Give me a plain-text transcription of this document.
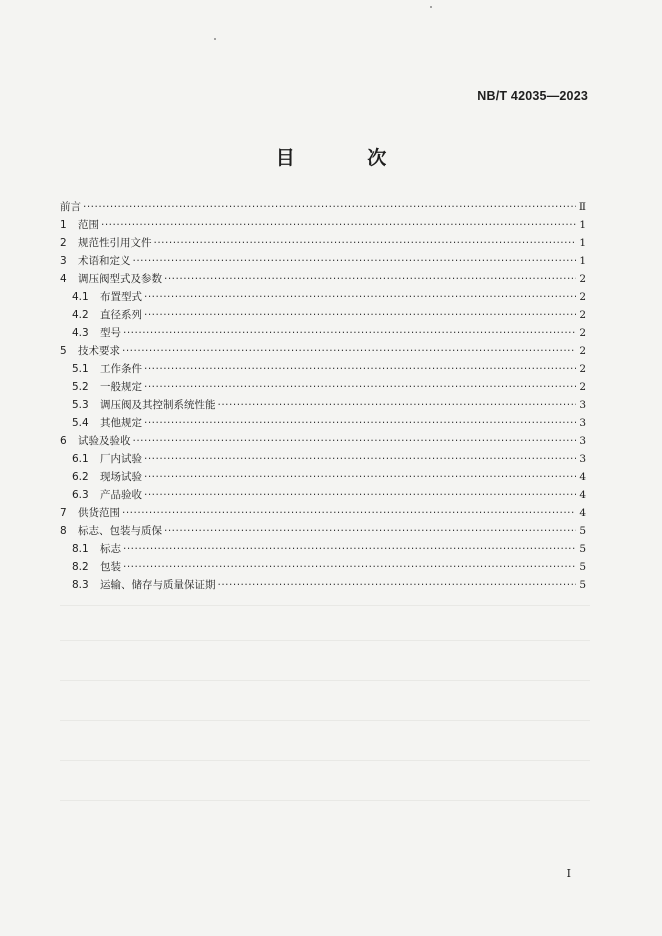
NB/T 42035—2023
目 次
前言 ·····	Ⅱ
1	范围 ·····	1
2	规范性引用文件 ·····	1
3	术语和定义 ·····	1
4	调压阀型式及参数 ·····	2
4.1	布置型式 ·····	2
4.2	直径系列 ·····	2
4.3	型号 ·····	2
5	技术要求 ·····	2
5.1	工作条件 ·····	2
5.2	一般规定 ·····	2
5.3	调压阀及其控制系统性能 ·····	3
5.4	其他规定 ·····	3
6	试验及验收 ·····	3
6.1	厂内试验 ·····	3
6.2	现场试验 ·····	4
6.3	产品验收 ·····	4
7	供货范围 ·····	4
8	标志、包装与质保 ·····	5
8.1	标志 ·····	5
8.2	包装 ·····	5
8.3	运输、储存与质量保证期 ·····	5
I
